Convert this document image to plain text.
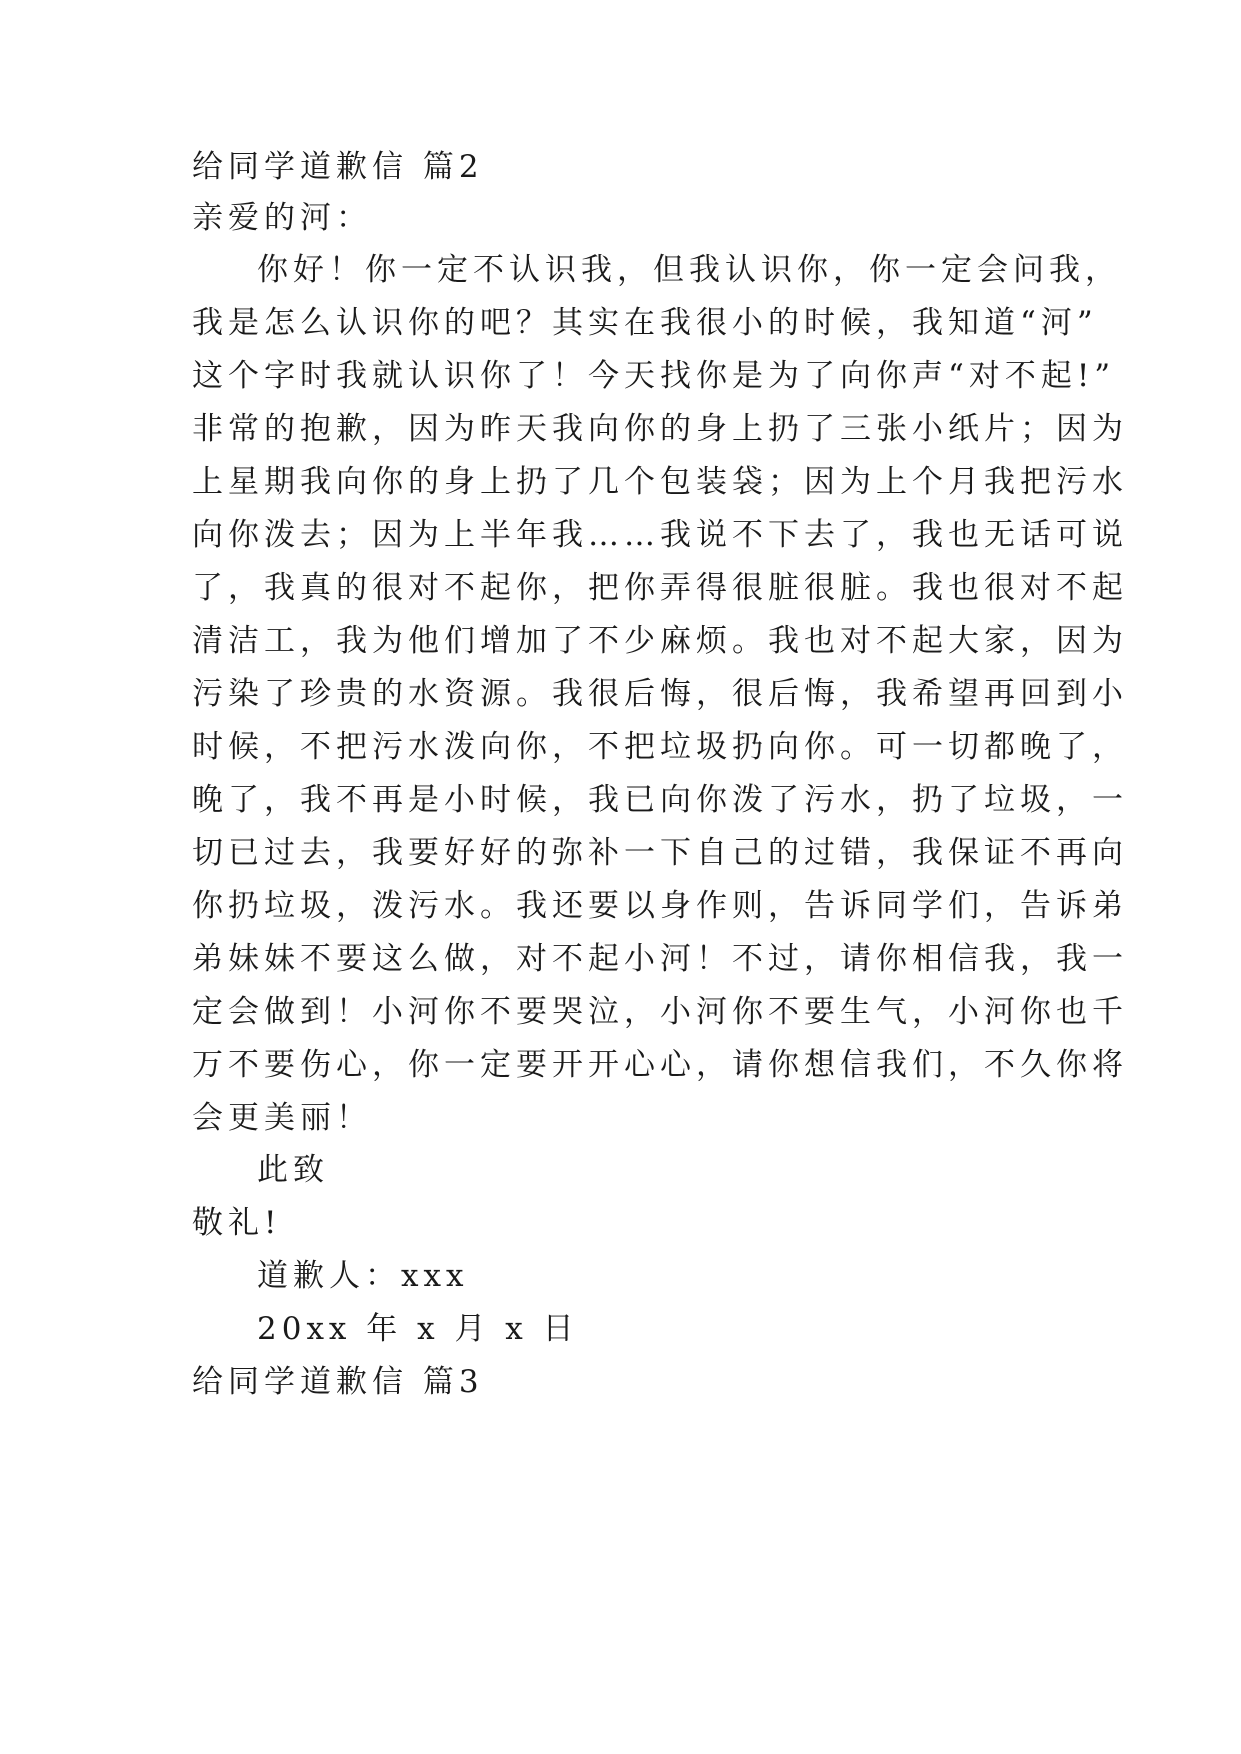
给同学道歉信 篇2
亲爱的河：
你好！你一定不认识我，但我认识你，你一定会问我，
我是怎么认识你的吧？其实在我很小的时候，我知道“河”
这个字时我就认识你了！今天找你是为了向你声“对不起!”
非常的抱歉，因为昨天我向你的身上扔了三张小纸片；因为
上星期我向你的身上扔了几个包装袋；因为上个月我把污水
向你泼去；因为上半年我……我说不下去了，我也无话可说
了，我真的很对不起你，把你弄得很脏很脏。我也很对不起
清洁工，我为他们增加了不少麻烦。我也对不起大家，因为
污染了珍贵的水资源。我很后悔，很后悔，我希望再回到小
时候，不把污水泼向你，不把垃圾扔向你。可一切都晚了，
晚了，我不再是小时候，我已向你泼了污水，扔了垃圾，一
切已过去，我要好好的弥补一下自己的过错，我保证不再向
你扔垃圾，泼污水。我还要以身作则，告诉同学们，告诉弟
弟妹妹不要这么做，对不起小河！不过，请你相信我，我一
定会做到！小河你不要哭泣，小河你不要生气，小河你也千
万不要伤心，你一定要开开心心，请你想信我们，不久你将
会更美丽！
此致
敬礼!
道歉人：xxx
20xx 年 x 月 x 日
给同学道歉信 篇3
